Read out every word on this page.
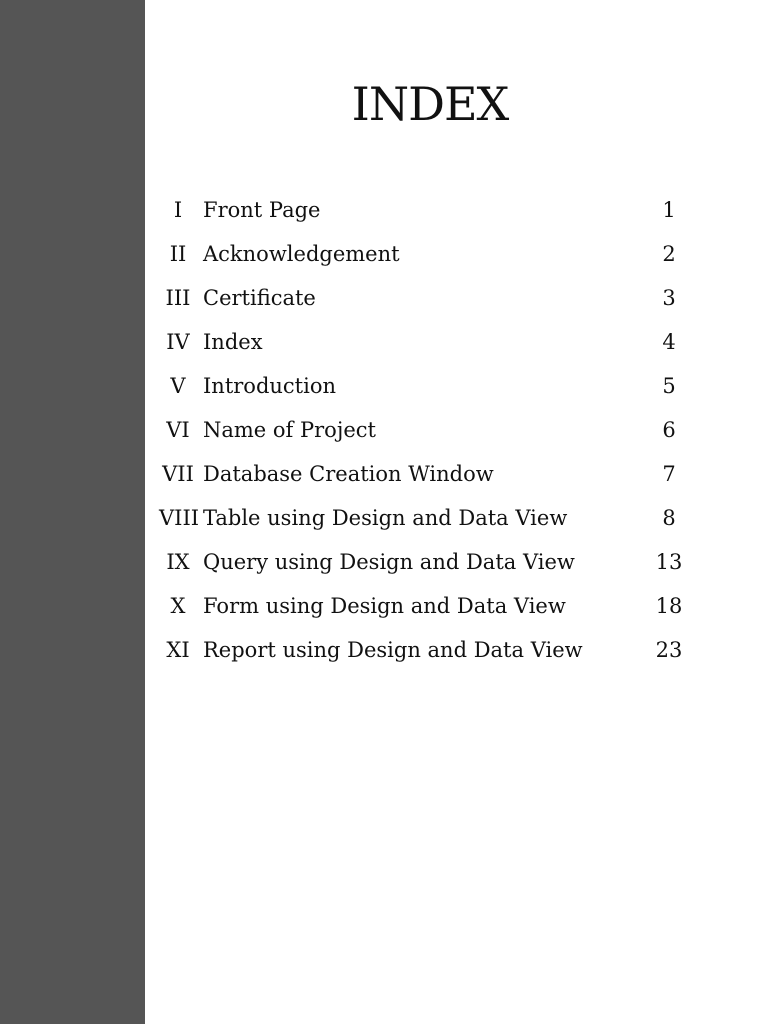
INDEX
I Front Page	1
II Acknowledgement	2
III Certificate	3
IV Index	4
V Introduction	5
VI Name of Project	6
VII Database Creation Window	7
VIII Table using Design and Data View	8
IX Query using Design and Data View	13
X Form using Design and Data View	18
XI Report using Design and Data View	23
